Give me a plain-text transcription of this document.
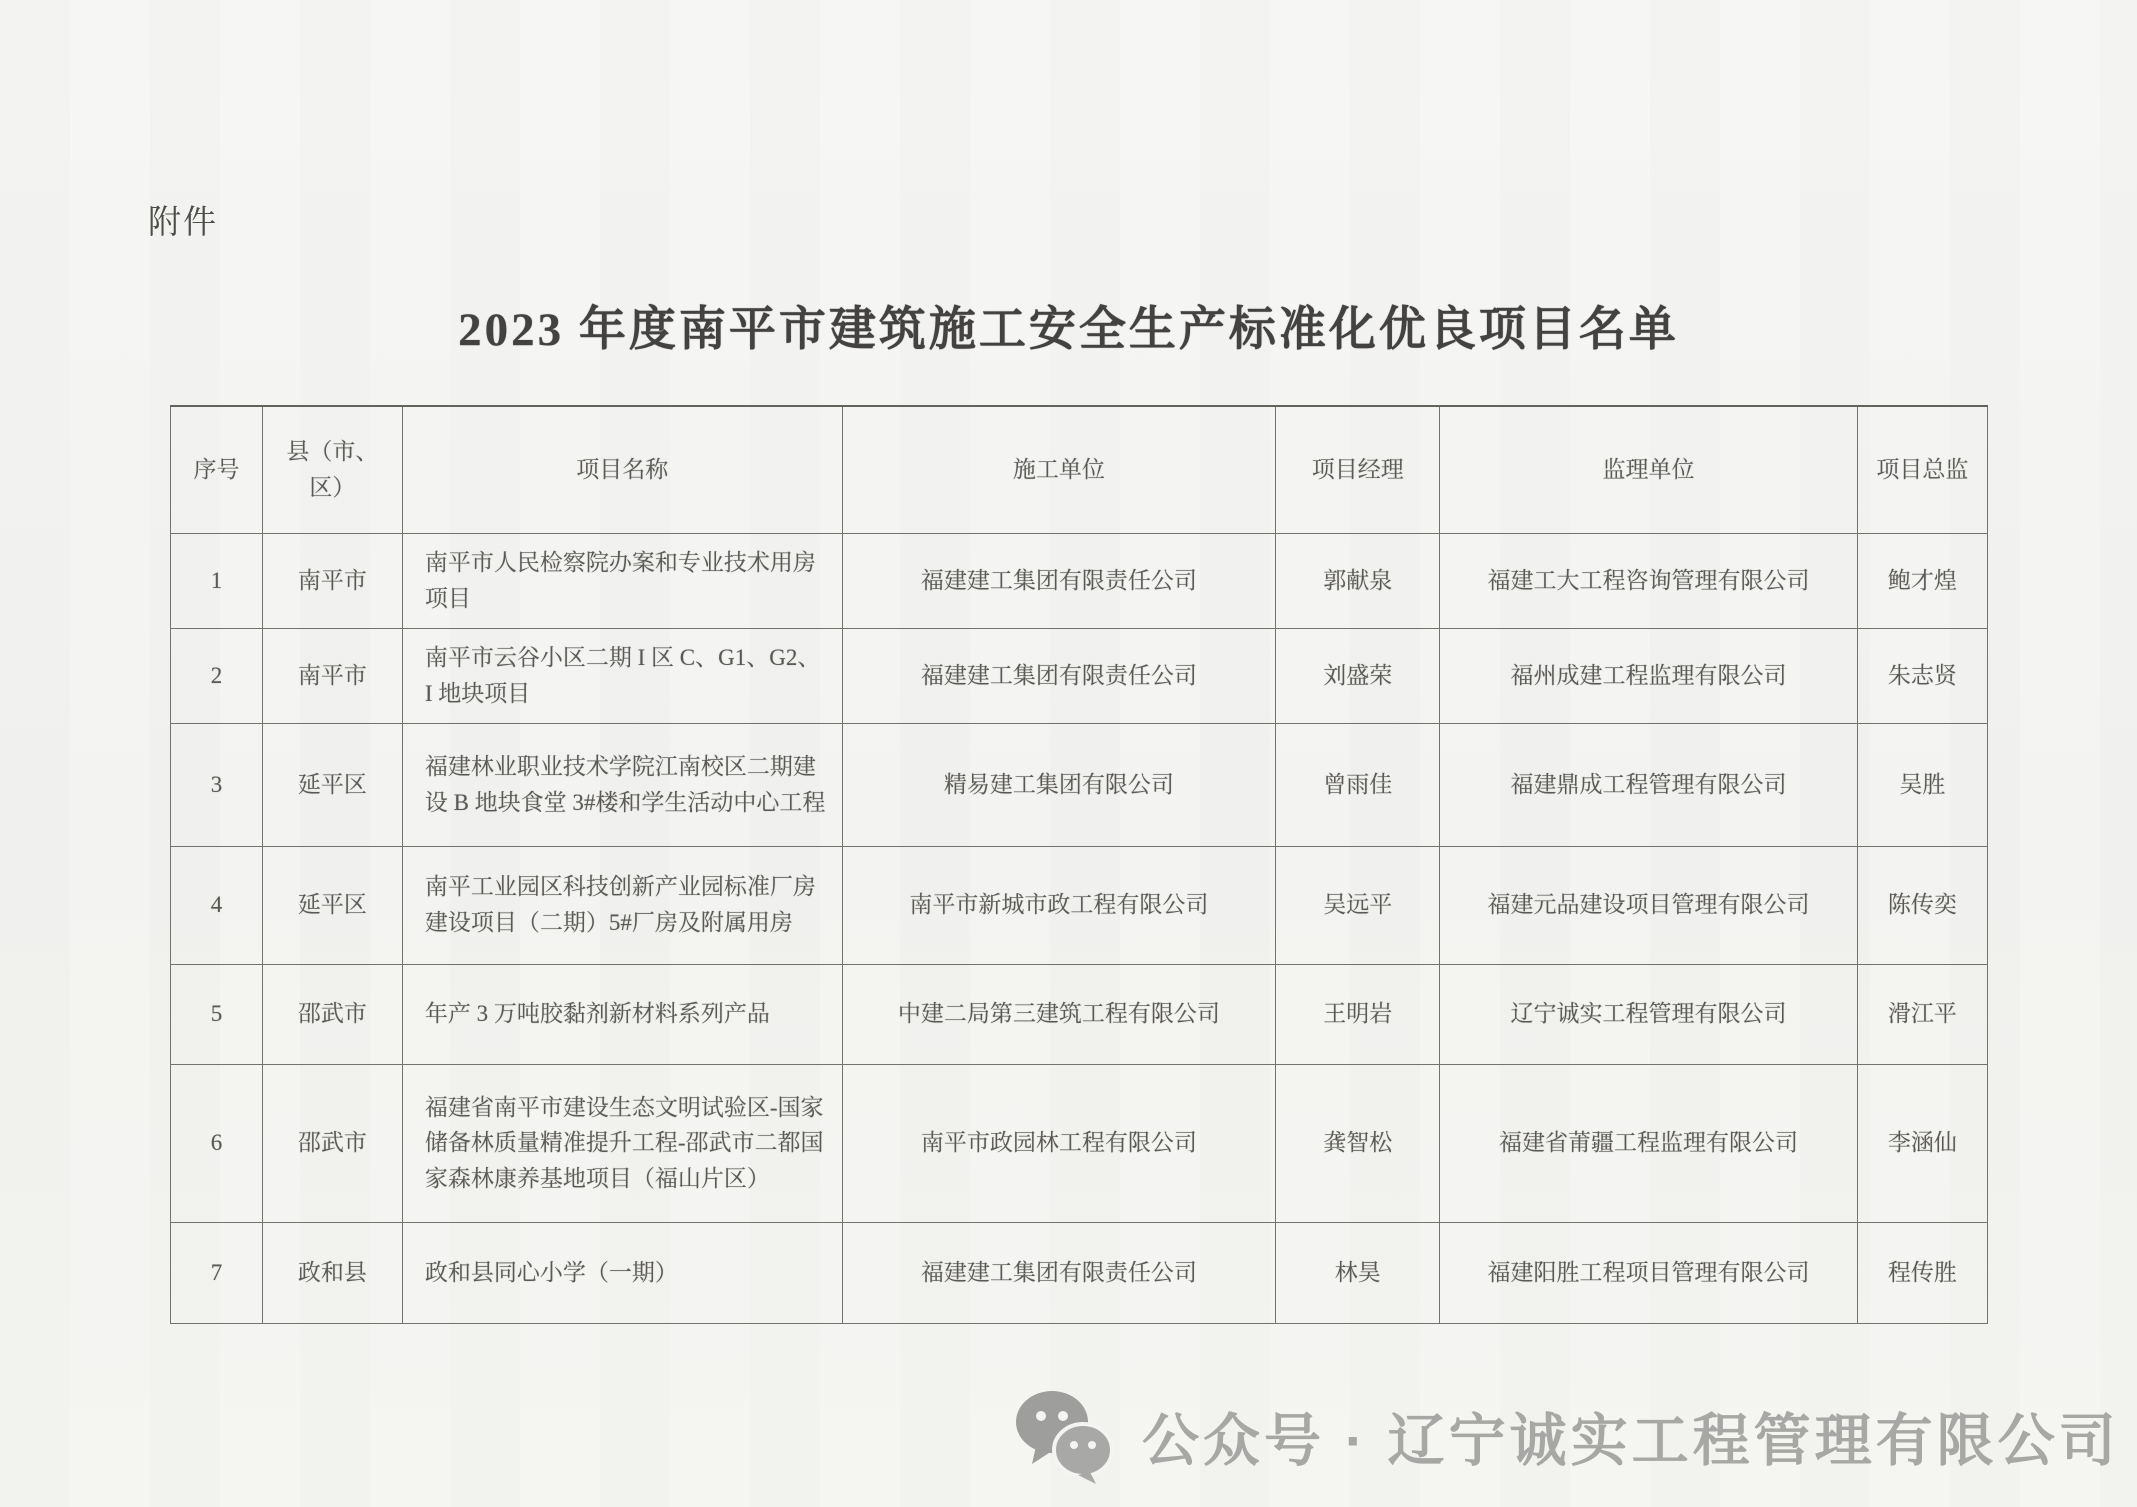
附件
2023 年度南平市建筑施工安全生产标准化优良项目名单
序号	县（市、区）	项目名称	施工单位	项目经理	监理单位	项目总监
1	南平市	南平市人民检察院办案和专业技术用房项目	福建建工集团有限责任公司	郭献泉	福建工大工程咨询管理有限公司	鲍才煌
2	南平市	南平市云谷小区二期 I 区 C、G1、G2、I 地块项目	福建建工集团有限责任公司	刘盛荣	福州成建工程监理有限公司	朱志贤
3	延平区	福建林业职业技术学院江南校区二期建设 B 地块食堂 3#楼和学生活动中心工程	精易建工集团有限公司	曾雨佳	福建鼎成工程管理有限公司	吴胜
4	延平区	南平工业园区科技创新产业园标准厂房建设项目（二期）5#厂房及附属用房	南平市新城市政工程有限公司	吴远平	福建元品建设项目管理有限公司	陈传奕
5	邵武市	年产 3 万吨胶黏剂新材料系列产品	中建二局第三建筑工程有限公司	王明岩	辽宁诚实工程管理有限公司	滑江平
6	邵武市	福建省南平市建设生态文明试验区-国家储备林质量精准提升工程-邵武市二都国家森林康养基地项目（福山片区）	南平市政园林工程有限公司	龚智松	福建省莆疆工程监理有限公司	李涵仙
7	政和县	政和县同心小学（一期）	福建建工集团有限责任公司	林昊	福建阳胜工程项目管理有限公司	程传胜
公众号 · 辽宁诚实工程管理有限公司
